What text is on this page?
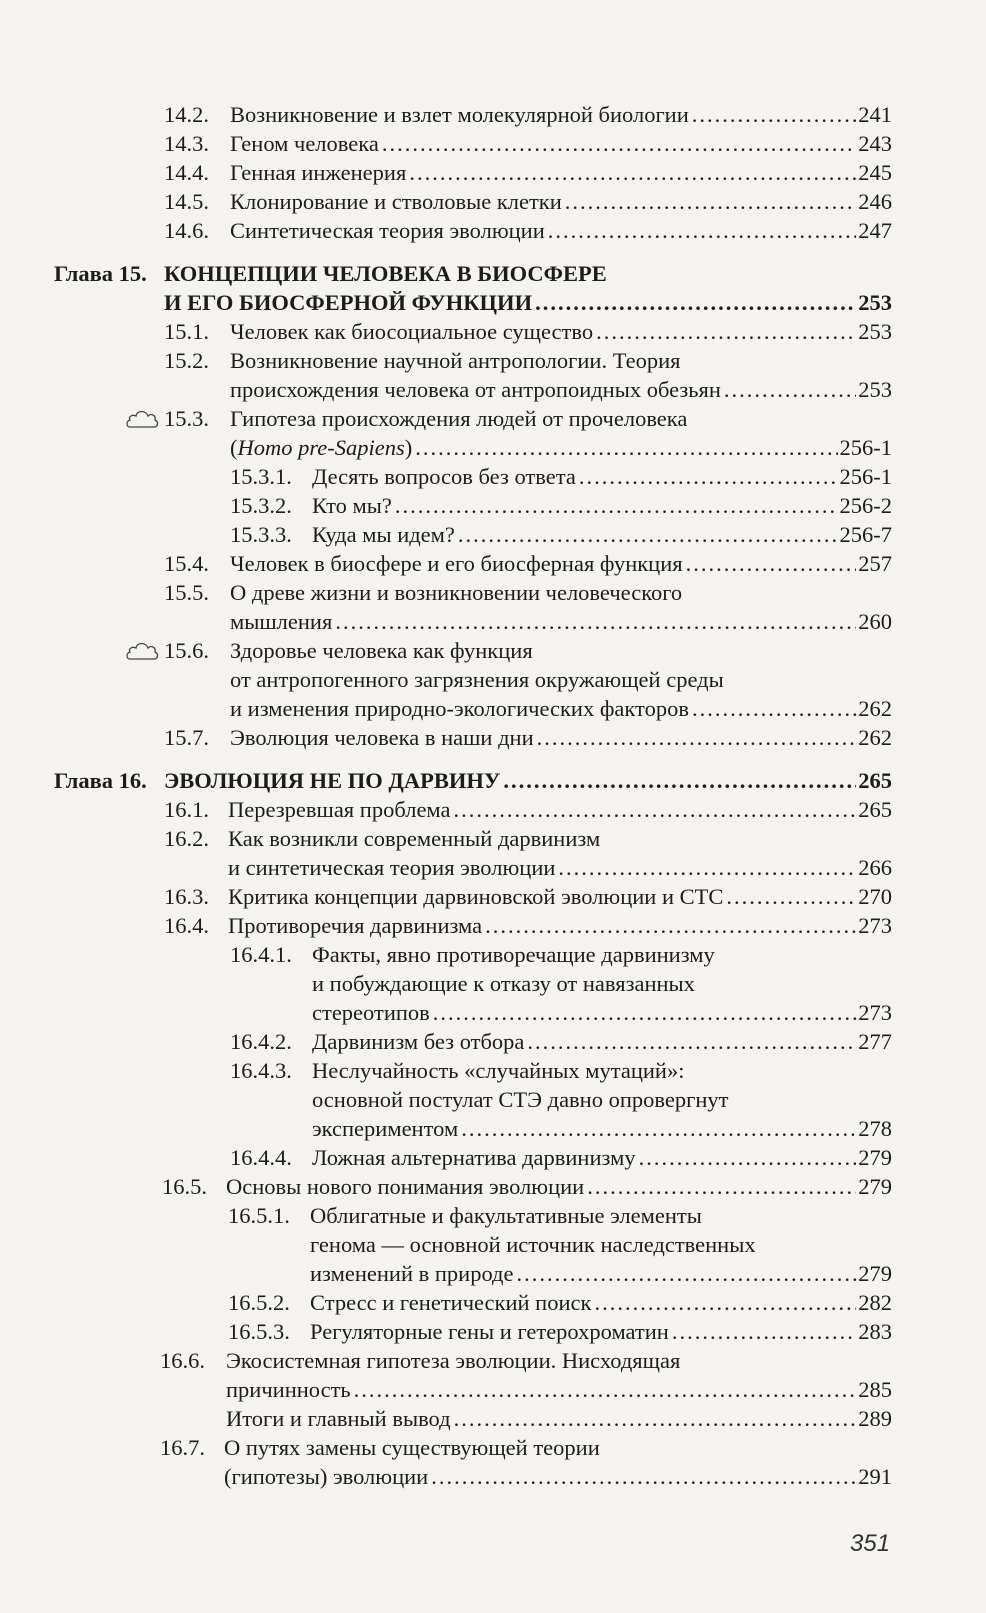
14.2. Возникновение и взлет молекулярной биологии .....	241
14.3. Геном человека .....	243
14.4. Генная инженерия .....	245
14.5. Клонирование и стволовые клетки .....	246
14.6. Синтетическая теория эволюции .....	247
Глава 15. КОНЦЕПЦИИ ЧЕЛОВЕКА В БИОСФЕРЕ
И ЕГО БИОСФЕРНОЙ ФУНКЦИИ .....	253
15.1. Человек как биосоциальное существо .....	253
15.2. Возникновение научной антропологии. Теория
происхождения человека от антропоидных обезьян .....	253
15.3. Гипотеза происхождения людей от прочеловека
(Homo pre-Sapiens) .....	256-1
15.3.1. Десять вопросов без ответа .....	256-1
15.3.2. Кто мы? .....	256-2
15.3.3. Куда мы идем? .....	256-7
15.4. Человек в биосфере и его биосферная функция .....	257
15.5. О древе жизни и возникновении человеческого
мышления .....	260
15.6. Здоровье человека как функция
от антропогенного загрязнения окружающей среды
и изменения природно-экологических факторов .....	262
15.7. Эволюция человека в наши дни .....	262
Глава 16. ЭВОЛЮЦИЯ НЕ ПО ДАРВИНУ .....	265
16.1. Перезревшая проблема .....	265
16.2. Как возникли современный дарвинизм
и синтетическая теория эволюции .....	266
16.3. Критика концепции дарвиновской эволюции и СТС .....	270
16.4. Противоречия дарвинизма .....	273
16.4.1. Факты, явно противоречащие дарвинизму
и побуждающие к отказу от навязанных
стереотипов .....	273
16.4.2. Дарвинизм без отбора .....	277
16.4.3. Неслучайность «случайных мутаций»:
основной постулат СТЭ давно опровергнут
экспериментом .....	278
16.4.4. Ложная альтернатива дарвинизму .....	279
16.5. Основы нового понимания эволюции .....	279
16.5.1. Облигатные и факультативные элементы
генома — основной источник наследственных
изменений в природе .....	279
16.5.2. Стресс и генетический поиск .....	282
16.5.3. Регуляторные гены и гетерохроматин .....	283
16.6. Экосистемная гипотеза эволюции. Нисходящая
причинность .....	285
Итоги и главный вывод .....	289
16.7. О путях замены существующей теории
(гипотезы) эволюции .....	291
351
